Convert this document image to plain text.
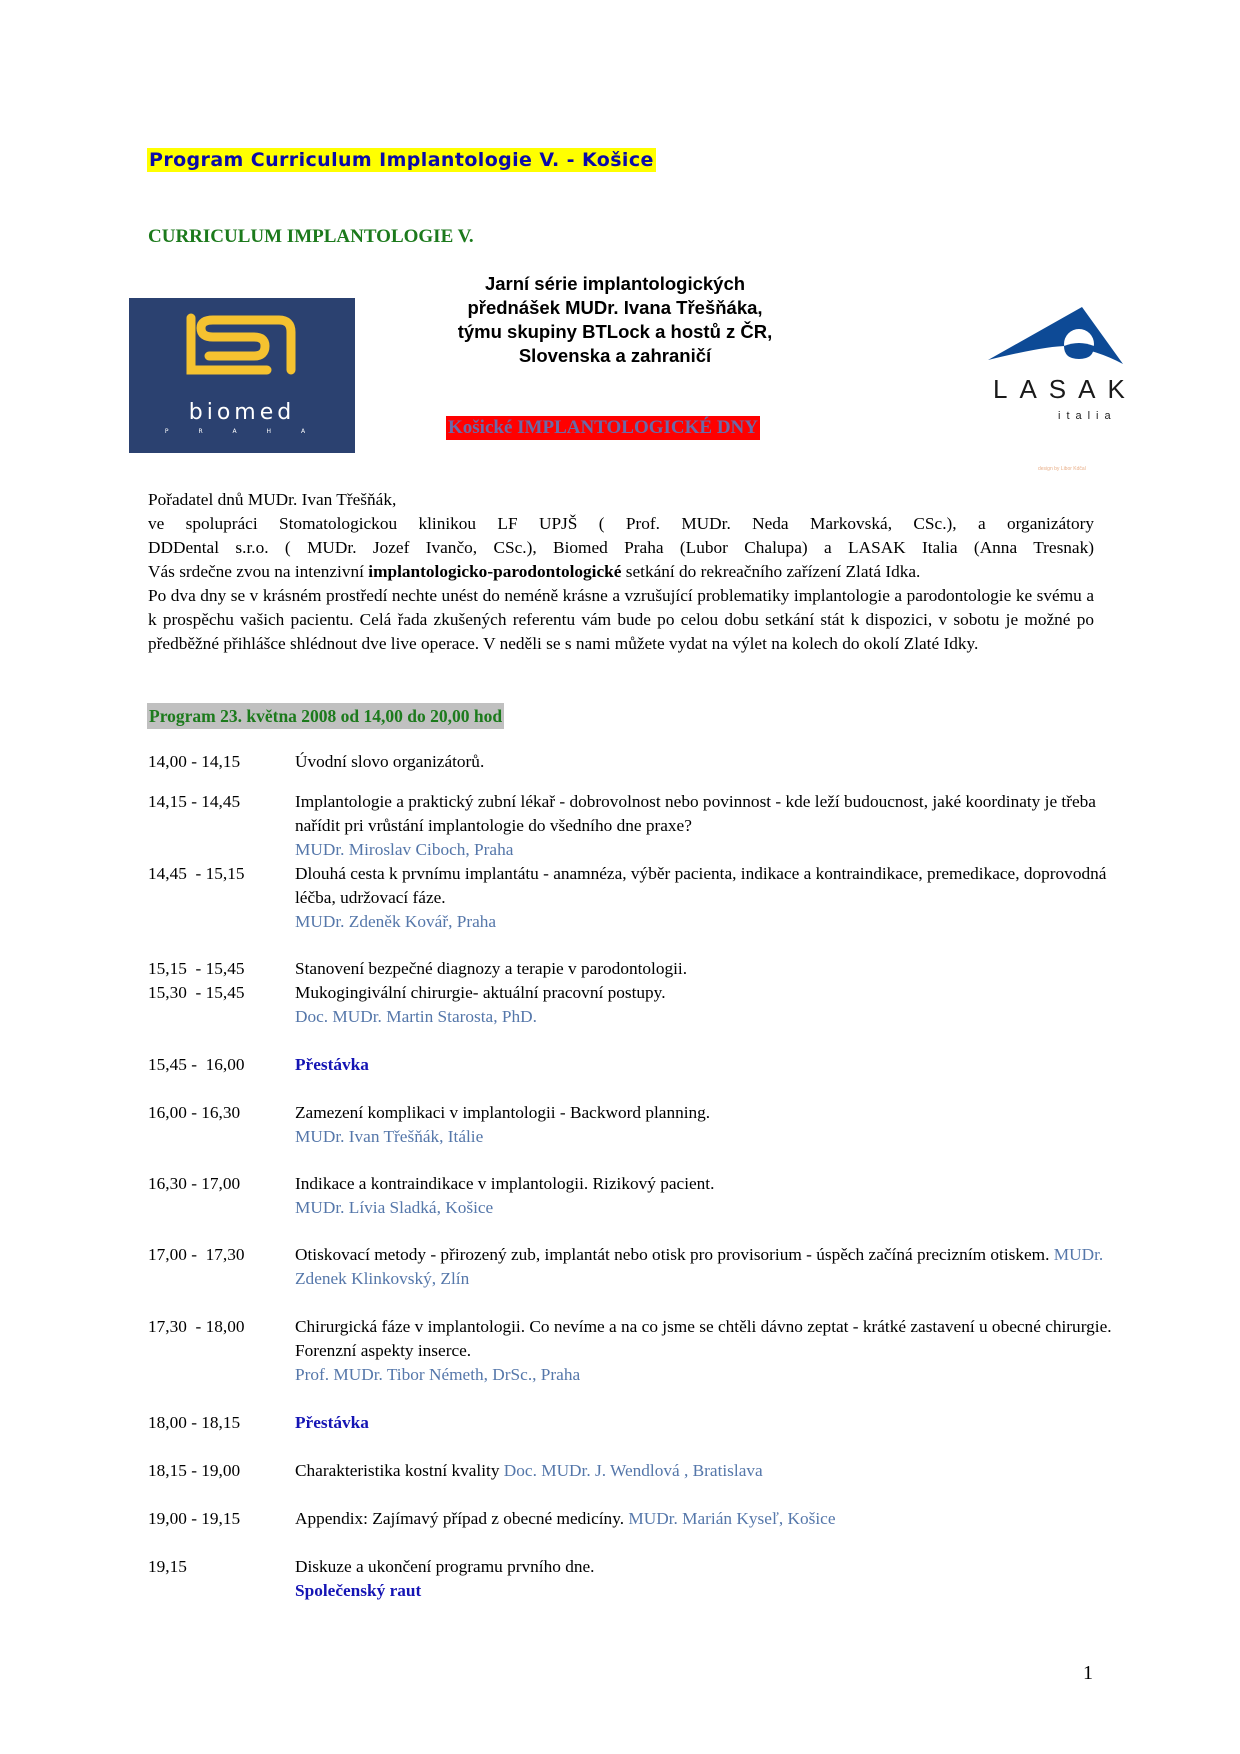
Program Curriculum Implantologie V. - Košice
CURRICULUM IMPLANTOLOGIE V.
biomed
P R A H A
Jarní série implantologických
přednášek MUDr. Ivana Třešňáka,
týmu skupiny BTLock a hostů z ČR,
Slovenska a zahraničí
Košické IMPLANTOLOGICKÉ DNY
LASAK
italia
design by Libor Kdčal

Pořadatel dnů MUDr. Ivan Třešňák,

ve spolupráci Stomatologickou klinikou LF UPJŠ ( Prof. MUDr. Neda Markovská, CSc.), a organizátory

DDDental s.r.o. ( MUDr. Jozef Ivančo, CSc.), Biomed Praha (Lubor Chalupa) a LASAK Italia (Anna Tresnak)

Vás srdečne zvou na intenzivní implantologicko-parodontologické setkání do rekreačního zařízení Zlatá Idka.

Po dva dny se v krásném prostředí nechte unést do neméně krásne a vzrušující problematiky implantologie a parodontologie ke svému a k prospěchu vašich pacientu. Celá řada zkušených referentu vám bude po celou dobu setkání stát k dispozici, v sobotu je možné po předběžné přihlášce shlédnout dve live operace. V neděli se s nami můžete vydat na výlet na kolech do okolí Zlaté Idky.

Program 23. května 2008 od 14,00 do 20,00 hod
14,00 - 14,15	Úvodní slovo organizátorů.
14,15 - 14,45	Implantologie a praktický zubní lékař - dobrovolnost nebo povinnost - kde leží budoucnost, jaké koordinaty je třeba nařídit pri vrůstání implantologie do všedního dne praxe?
MUDr. Miroslav Ciboch, Praha
14,45  - 15,15	Dlouhá cesta k prvnímu implantátu - anamnéza, výběr pacienta, indikace a kontraindikace, premedikace, doprovodná léčba, udržovací fáze.
MUDr. Zdeněk Kovář, Praha
15,15  - 15,45	Stanovení bezpečné diagnozy a terapie v parodontologii.
15,30  - 15,45	Mukogingivální chirurgie- aktuální pracovní postupy.
Doc. MUDr. Martin Starosta, PhD.
15,45 -  16,00	Přestávka
16,00 - 16,30	Zamezení komplikaci v implantologii - Backword planning.
MUDr. Ivan Třešňák, Itálie
16,30 - 17,00	Indikace a kontraindikace v implantologii. Rizikový pacient.
MUDr. Lívia Sladká, Košice
17,00 -  17,30	Otiskovací metody - přirozený zub, implantát nebo otisk pro provisorium - úspěch začíná precizním otiskem. MUDr. Zdenek Klinkovský, Zlín
17,30  - 18,00	Chirurgická fáze v implantologii. Co nevíme a na co jsme se chtěli dávno zeptat - krátké zastavení u obecné chirurgie. Forenzní aspekty inserce.
Prof. MUDr. Tibor Németh, DrSc., Praha
18,00 - 18,15	Přestávka
18,15 - 19,00	Charakteristika kostní kvality Doc. MUDr. J. Wendlová , Bratislava
19,00 - 19,15	Appendix: Zajímavý případ z obecné medicíny. MUDr. Marián Kyseľ, Košice
19,15	Diskuze a ukončení programu prvního dne.
Společenský raut
1
